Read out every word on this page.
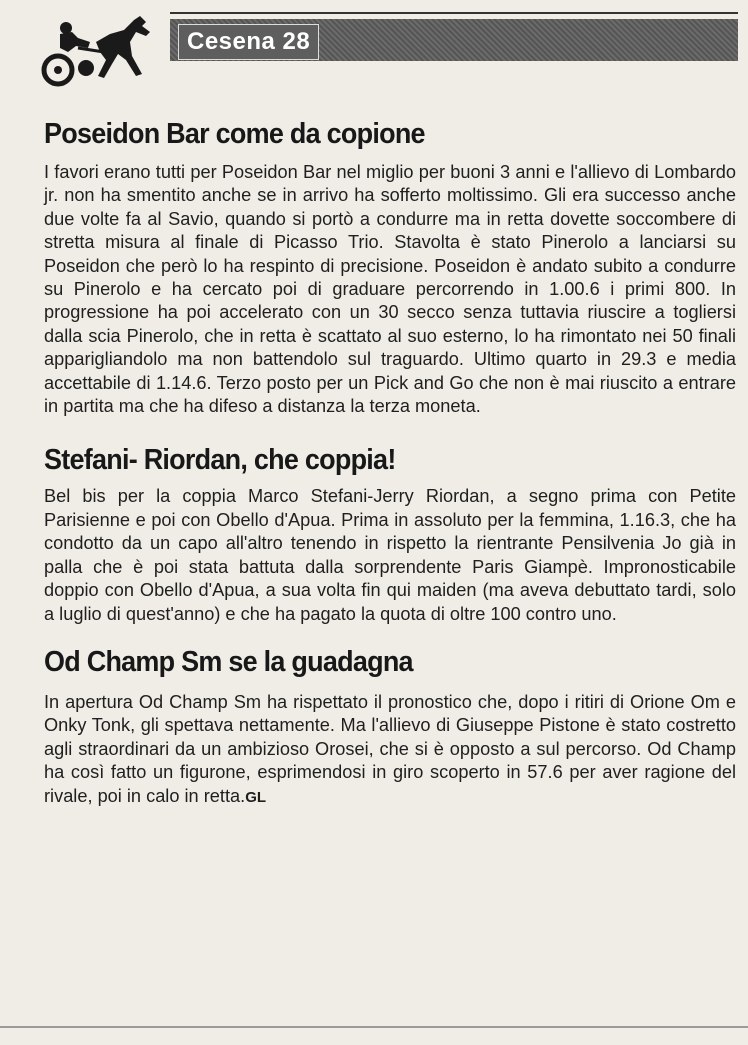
Cesena 28
Poseidon Bar come da copione

I favori erano tutti per Poseidon Bar nel miglio per buoni 3 anni e l'allievo di Lombardo jr. non ha smentito anche se in arrivo ha sofferto moltissimo. Gli era successo anche due volte fa al Savio, quando si portò a condurre ma in retta dovette soccombere di stretta misura al finale di Picasso Trio. Stavolta è stato Pinerolo a lanciarsi su Poseidon che però lo ha respinto di precisione. Poseidon è andato subito a condurre su Pinerolo e ha cercato poi di graduare percorrendo in 1.00.6 i primi 800. In progressione ha poi accelerato con un 30 secco senza tuttavia riuscire a togliersi dalla scia Pinerolo, che in retta è scattato al suo esterno, lo ha rimontato nei 50 finali apparigliandolo ma non battendolo sul traguardo. Ultimo quarto in 29.3 e media accettabile di 1.14.6. Terzo posto per un Pick and Go che non è mai riuscito a entrare in partita ma che ha difeso a distanza la terza moneta.

Stefani- Riordan, che coppia!

Bel bis per la coppia Marco Stefani-Jerry Riordan, a segno prima con Petite Parisienne e poi con Obello d'Apua. Prima in assoluto per la femmina, 1.16.3, che ha condotto da un capo all'altro tenendo in rispetto la rientrante Pensilvenia Jo già in palla che è poi stata battuta dalla sorprendente Paris Giampè. Impronosticabile doppio con Obello d'Apua, a sua volta fin qui maiden (ma aveva debuttato tardi, solo a luglio di quest'anno) e che ha pagato la quota di oltre 100 contro uno.

Od Champ Sm se la guadagna

In apertura Od Champ Sm ha rispettato il pronostico che, dopo i ritiri di Orione Om e Onky Tonk, gli spettava nettamente. Ma l'allievo di Giuseppe Pistone è stato costretto agli straordinari da un ambizioso Orosei, che si è opposto a sul percorso. Od Champ ha così fatto un figurone, esprimendosi in giro scoperto in 57.6 per aver ragione del rivale, poi in calo in retta.GL
